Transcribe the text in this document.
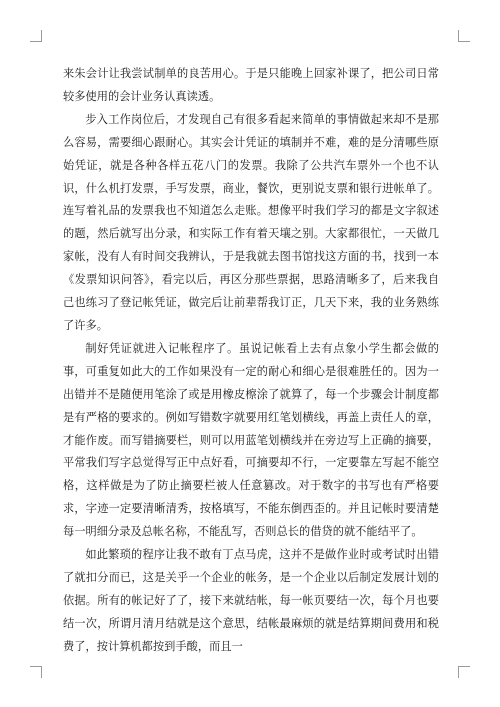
来朱会计让我尝试制单的良苦用心。于是只能晚上回家补课了，把公司日常较多使用的会计业务认真读透。

步入工作岗位后，才发现自己有很多看起来简单的事情做起来却不是那么容易，需要细心跟耐心。其实会计凭证的填制并不难，难的是分清哪些原始凭证，就是各种各样五花八门的发票。我除了公共汽车票外一个也不认识，什么机打发票，手写发票，商业，餐饮，更别说支票和银行进帐单了。连写着礼品的发票我也不知道怎么走账。想像平时我们学习的都是文字叙述的题，然后就写出分录，和实际工作有着天壤之别。大家都很忙，一天做几家帐，没有人有时间交我辨认，于是我就去图书馆找这方面的书，找到一本《发票知识问答》，看完以后，再区分那些票据，思路清晰多了，后来我自己也练习了登记帐凭证，做完后让前辈帮我订正，几天下来，我的业务熟练了许多。

制好凭证就进入记帐程序了。虽说记帐看上去有点象小学生都会做的事，可重复如此大的工作如果没有一定的耐心和细心是很难胜任的。因为一出错并不是随便用笔涂了或是用橡皮檫涂了就算了，每一个步骤会计制度都是有严格的要求的。例如写错数字就要用红笔划横线，再盖上责任人的章，才能作废。而写错摘要栏，则可以用蓝笔划横线并在旁边写上正确的摘要，平常我们写字总觉得写正中点好看，可摘要却不行，一定要靠左写起不能空格，这样做是为了防止摘要栏被人任意篡改。对于数字的书写也有严格要求，字迹一定要清晰清秀，按格填写，不能东倒西歪的。并且记帐时要清楚每一明细分录及总帐名称，不能乱写，否则总长的借贷的就不能结平了。

如此繁琐的程序让我不敢有丁点马虎，这并不是做作业时或考试时出错了就扣分而已，这是关乎一个企业的帐务，是一个企业以后制定发展计划的依据。所有的帐记好了了，接下来就结帐，每一帐页要结一次，每个月也要结一次，所谓月清月结就是这个意思，结帐最麻烦的就是结算期间费用和税费了，按计算机都按到手酸，而且一
